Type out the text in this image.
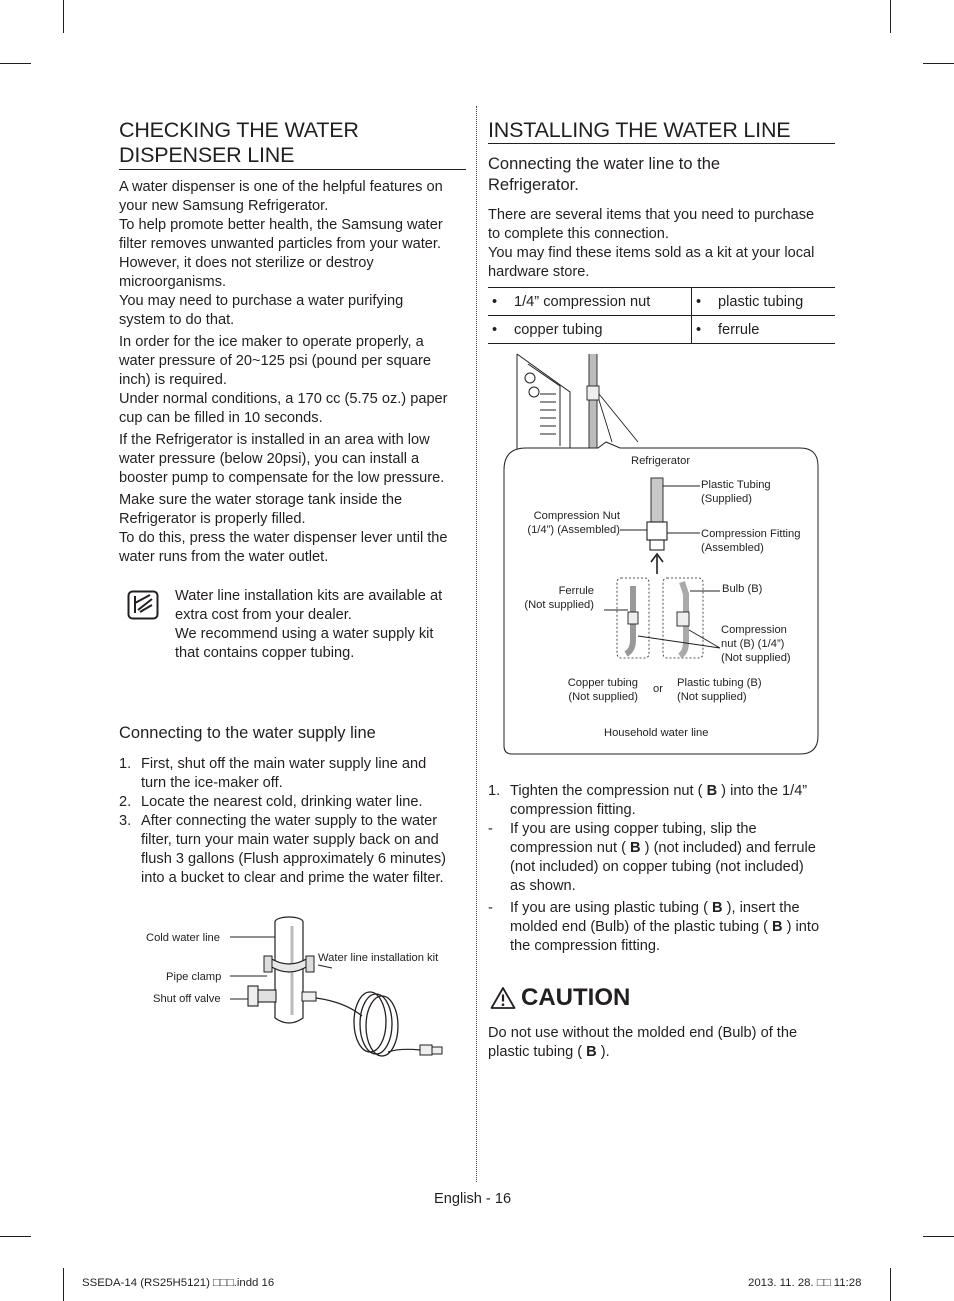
CHECKING THE WATER
DISPENSER LINE
A water dispenser is one of the helpful features on
your new Samsung Refrigerator.
To help promote better health, the Samsung water
filter removes unwanted particles from your water.
However, it does not sterilize or destroy
microorganisms.
You may need to purchase a water purifying
system to do that.
In order for the ice maker to operate properly, a
water pressure of 20~125 psi (pound per square
inch) is required.
Under normal conditions, a 170 cc (5.75 oz.) paper
cup can be filled in 10 seconds.
If the Refrigerator is installed in an area with low
water pressure (below 20psi), you can install a
booster pump to compensate for the low pressure.
Make sure the water storage tank inside the
Refrigerator is properly filled.
To do this, press the water dispenser lever until the
water runs from the water outlet.
Water line installation kits are available at
extra cost from your dealer.
We recommend using a water supply kit
that contains copper tubing.
Connecting to the water supply line
1. First, shut off the main water supply line and
turn the ice-maker off.
2. Locate the nearest cold, drinking water line.
3. After connecting the water supply to the water
filter, turn your main water supply back on and
flush 3 gallons (Flush approximately 6 minutes)
into a bucket to clear and prime the water filter.
Cold water line
Pipe clamp
Shut off valve
Water line installation kit
INSTALLING THE WATER LINE
Connecting the water line to the
Refrigerator.
There are several items that you need to purchase
to complete this connection.
You may find these items sold as a kit at your local
hardware store.
• 1/4” compression nut	• plastic tubing
• copper tubing	• ferrule
Refrigerator
Plastic Tubing
(Supplied)
Compression Nut
(1/4”) (Assembled)	Compression Fitting
(Assembled)
Ferrule
(Not supplied)
Bulb (B)
Compression
nut (B) (1/4”)
(Not supplied)
Copper tubing
(Not supplied)
or Plastic tubing (B)
(Not supplied)
Household water line
1. Tighten the compression nut ( B ) into the 1/4”
compression fitting.
- If you are using copper tubing, slip the
compression nut ( B ) (not included) and ferrule
(not included) on copper tubing (not included)
as shown.
- If you are using plastic tubing ( B ), insert the
molded end (Bulb) of the plastic tubing ( B ) into
the compression fitting.
CAUTION
Do not use without the molded end (Bulb) of the
plastic tubing ( B ).
English - 16
SSEDA-14 (RS25H5121) □□□.indd 16	2013. 11. 28. □□ 11:28
